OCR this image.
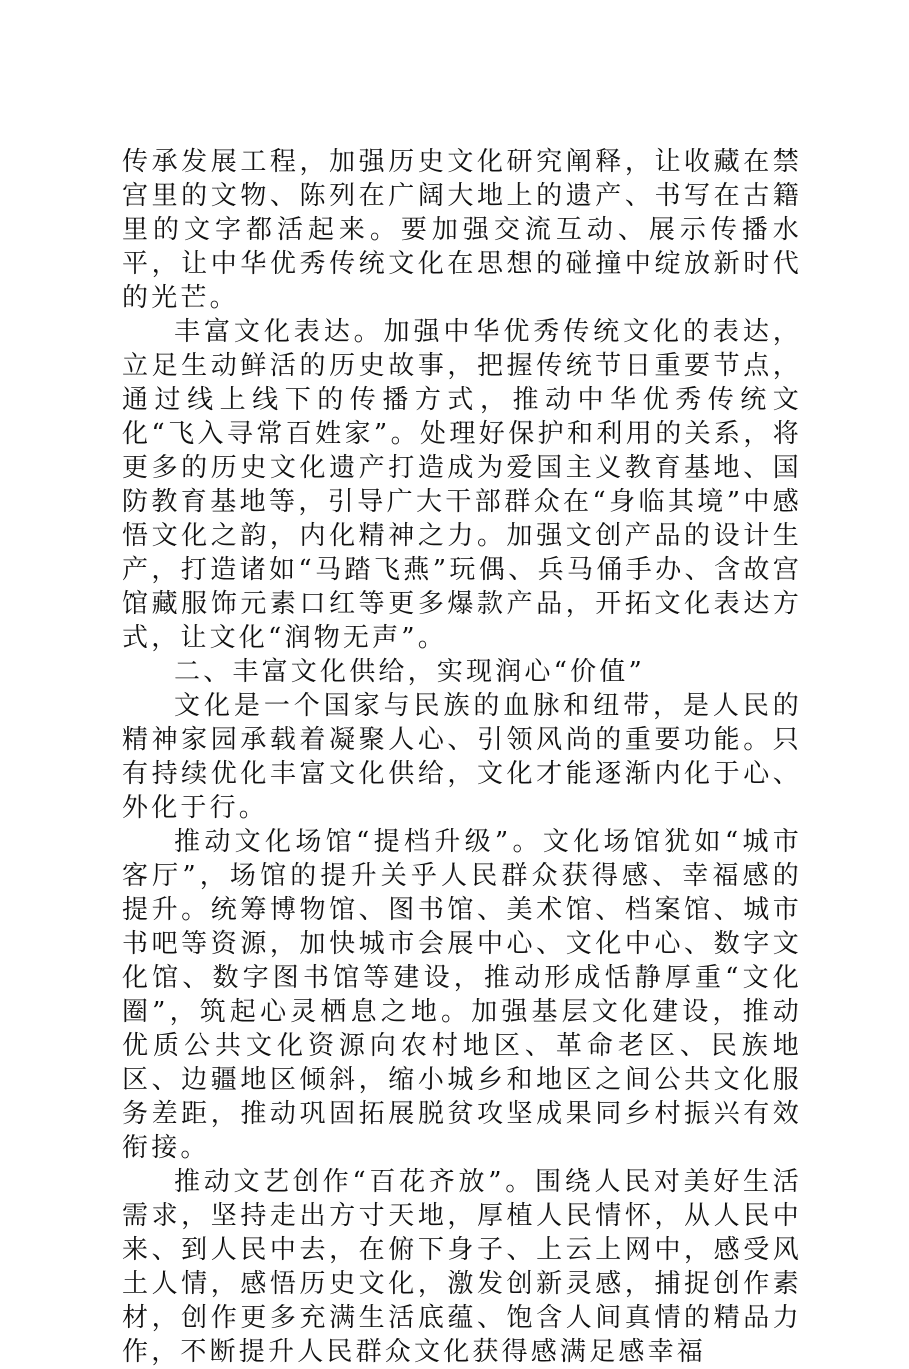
传承发展工程，加强历史文化研究阐释，让收藏在禁宫里的文物、陈列在广阔大地上的遗产、书写在古籍里的文字都活起来。要加强交流互动、展示传播水平，让中华优秀传统文化在思想的碰撞中绽放新时代的光芒。

丰富文化表达。加强中华优秀传统文化的表达，立足生动鲜活的历史故事，把握传统节日重要节点，通过线上线下的传播方式，推动中华优秀传统文化“飞入寻常百姓家”。处理好保护和利用的关系，将更多的历史文化遗产打造成为爱国主义教育基地、国防教育基地等，引导广大干部群众在“身临其境”中感悟文化之韵，内化精神之力。加强文创产品的设计生产，打造诸如“马踏飞燕”玩偶、兵马俑手办、含故宫馆藏服饰元素口红等更多爆款产品，开拓文化表达方式，让文化“润物无声”。

二、丰富文化供给，实现润心“价值”

文化是一个国家与民族的血脉和纽带，是人民的精神家园承载着凝聚人心、引领风尚的重要功能。只有持续优化丰富文化供给，文化才能逐渐内化于心、外化于行。

推动文化场馆“提档升级”。文化场馆犹如“城市客厅”，场馆的提升关乎人民群众获得感、幸福感的提升。统筹博物馆、图书馆、美术馆、档案馆、城市书吧等资源，加快城市会展中心、文化中心、数字文化馆、数字图书馆等建设，推动形成恬静厚重“文化圈”，筑起心灵栖息之地。加强基层文化建设，推动优质公共文化资源向农村地区、革命老区、民族地区、边疆地区倾斜，缩小城乡和地区之间公共文化服务差距，推动巩固拓展脱贫攻坚成果同乡村振兴有效衔接。

推动文艺创作“百花齐放”。围绕人民对美好生活需求，坚持走出方寸天地，厚植人民情怀，从人民中来、到人民中去，在俯下身子、上云上网中，感受风土人情，感悟历史文化，激发创新灵感，捕捉创作素材，创作更多充满生活底蕴、饱含人间真情的精品力作，不断提升人民群众文化获得感满足感幸福
